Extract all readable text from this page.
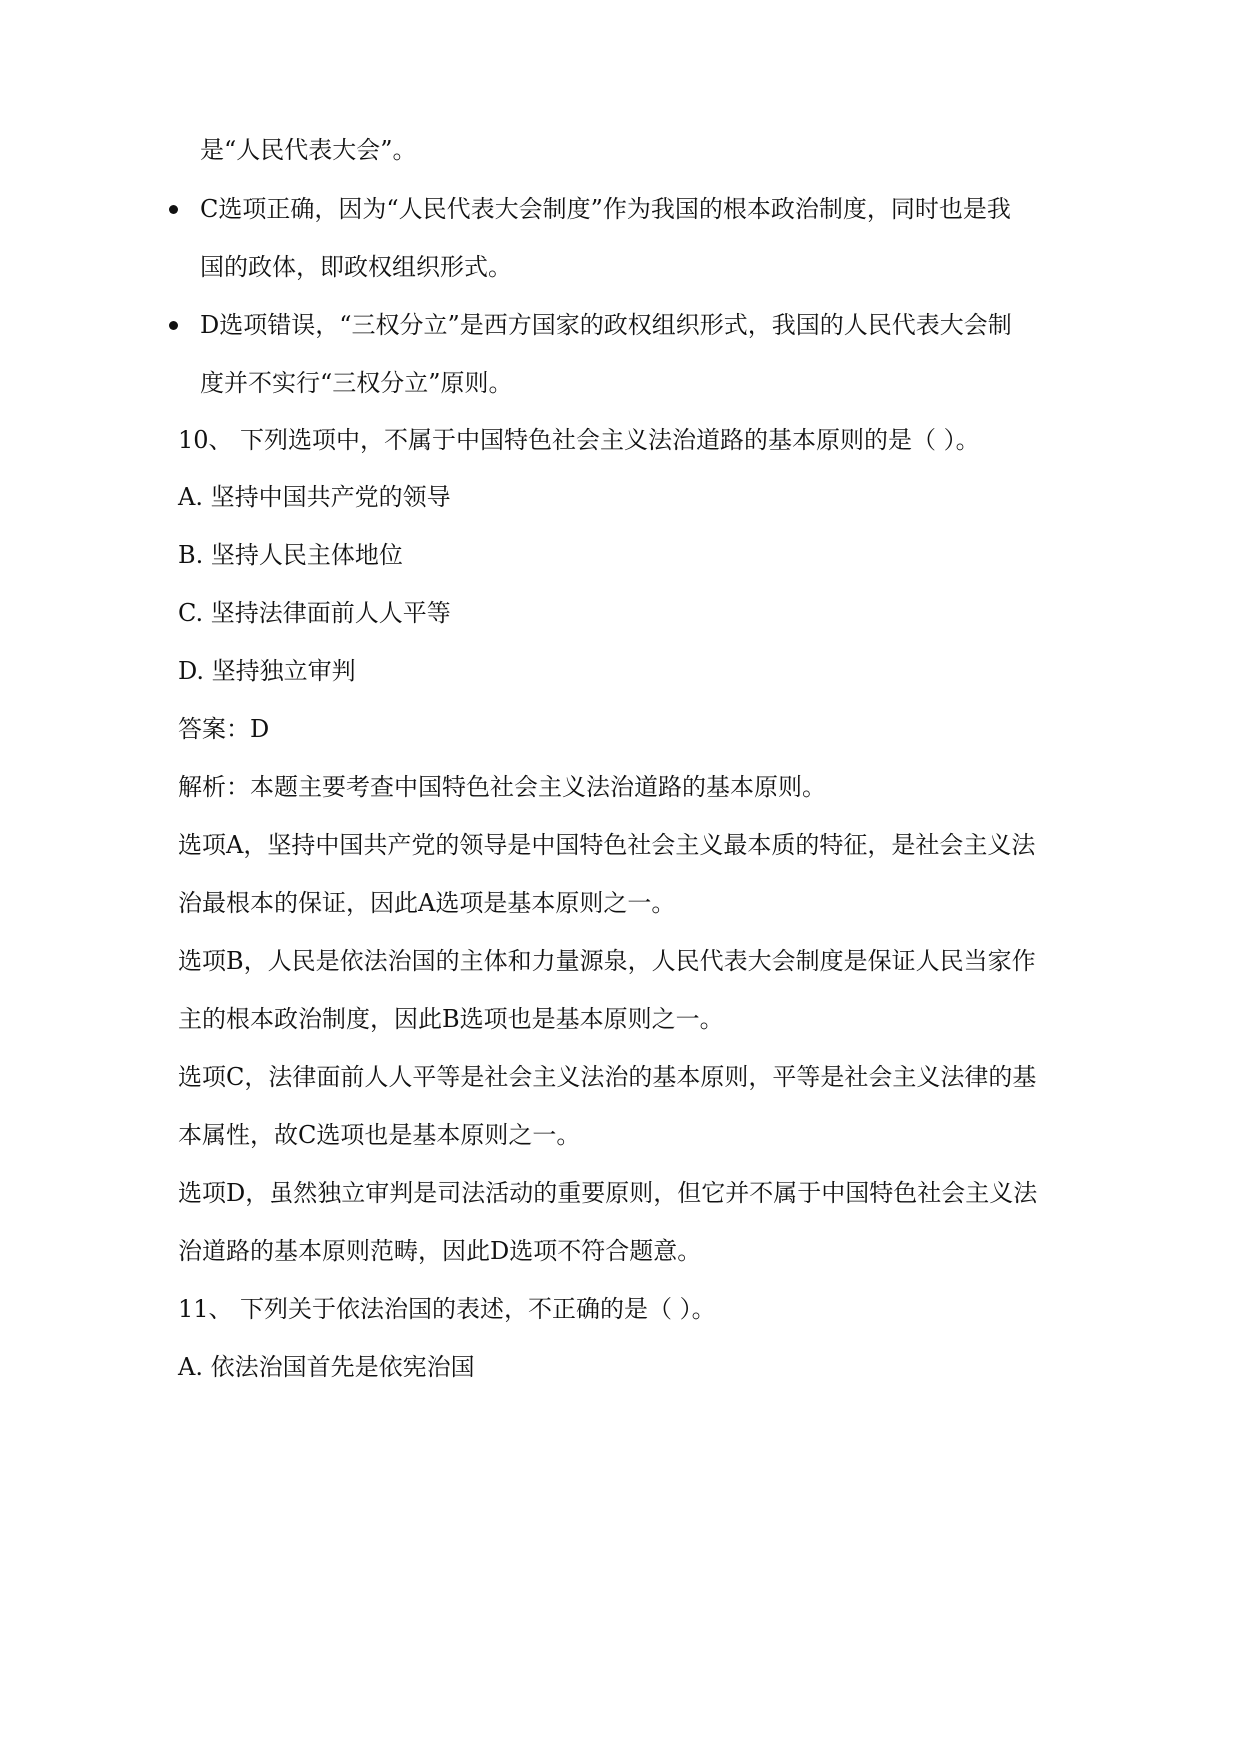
是“人民代表大会”。
C选项正确，因为“人民代表大会制度”作为我国的根本政治制度，同时也是我
国的政体，即政权组织形式。
D选项错误，“三权分立”是西方国家的政权组织形式，我国的人民代表大会制
度并不实行“三权分立”原则。
10、 下列选项中，不属于中国特色社会主义法治道路的基本原则的是（ ）。
A. 坚持中国共产党的领导
B. 坚持人民主体地位
C. 坚持法律面前人人平等
D. 坚持独立审判
答案：D
解析：本题主要考查中国特色社会主义法治道路的基本原则。
选项A，坚持中国共产党的领导是中国特色社会主义最本质的特征，是社会主义法
治最根本的保证，因此A选项是基本原则之一。
选项B，人民是依法治国的主体和力量源泉，人民代表大会制度是保证人民当家作
主的根本政治制度，因此B选项也是基本原则之一。
选项C，法律面前人人平等是社会主义法治的基本原则，平等是社会主义法律的基
本属性，故C选项也是基本原则之一。
选项D，虽然独立审判是司法活动的重要原则，但它并不属于中国特色社会主义法
治道路的基本原则范畴，因此D选项不符合题意。
11、 下列关于依法治国的表述，不正确的是（ ）。
A. 依法治国首先是依宪治国
